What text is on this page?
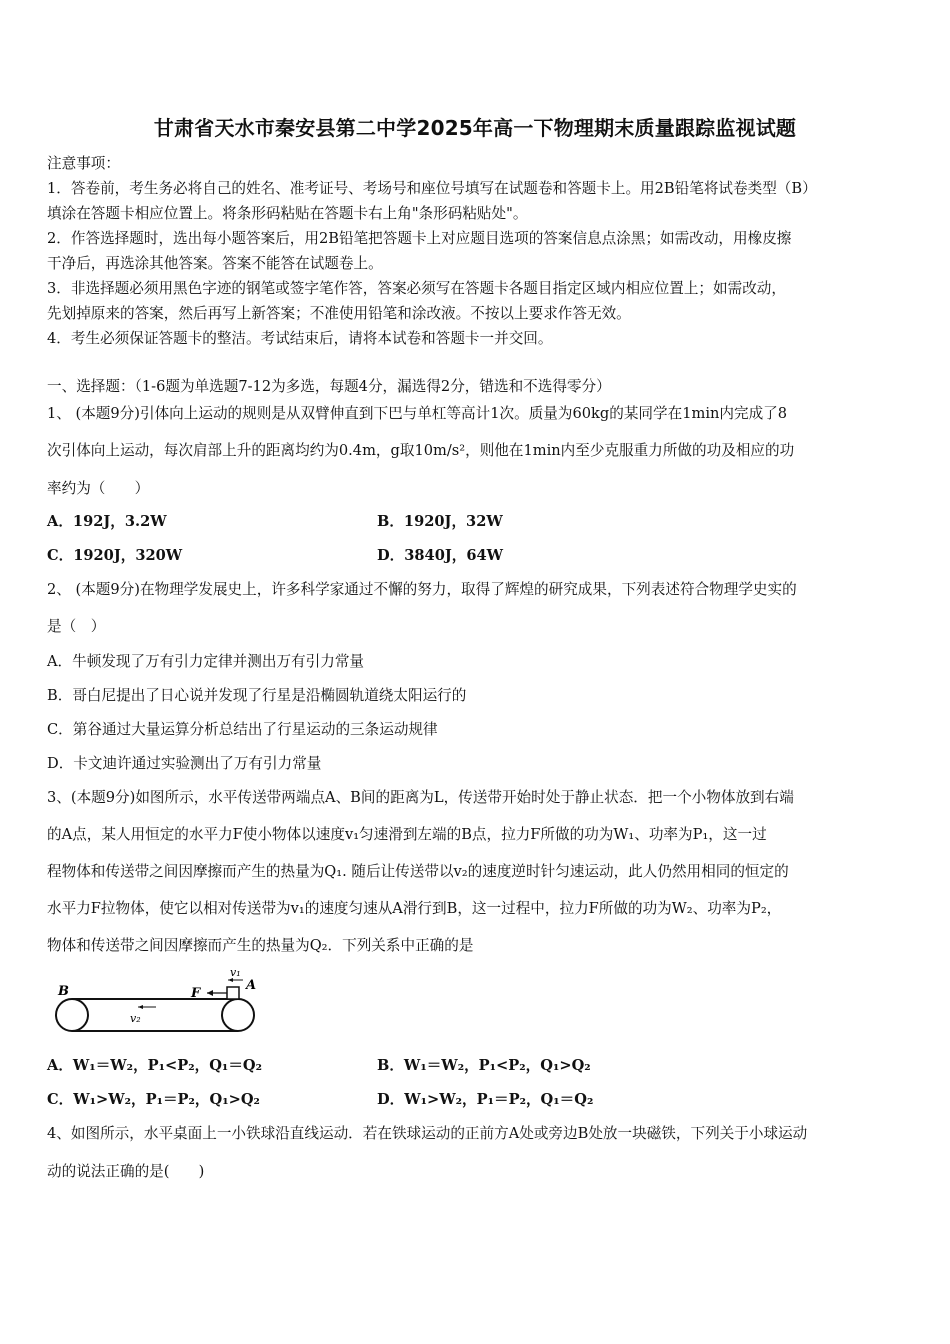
甘肃省天水市秦安县第二中学2025年高一下物理期末质量跟踪监视试题
注意事项：
1．答卷前，考生务必将自己的姓名、准考证号、考场号和座位号填写在试题卷和答题卡上。用2B铅笔将试卷类型（B）
填涂在答题卡相应位置上。将条形码粘贴在答题卡右上角"条形码粘贴处"。
2．作答选择题时，选出每小题答案后，用2B铅笔把答题卡上对应题目选项的答案信息点涂黑；如需改动，用橡皮擦
干净后，再选涂其他答案。答案不能答在试题卷上。
3．非选择题必须用黑色字迹的钢笔或签字笔作答，答案必须写在答题卡各题目指定区域内相应位置上；如需改动，
先划掉原来的答案，然后再写上新答案；不准使用铅笔和涂改液。不按以上要求作答无效。
4．考生必须保证答题卡的整洁。考试结束后，请将本试卷和答题卡一并交回。
一、选择题：（1-6题为单选题7-12为多选，每题4分，漏选得2分，错选和不选得零分）
1、 (本题9分)引体向上运动的规则是从双臂伸直到下巴与单杠等高计1次。质量为60kg的某同学在1min内完成了8
次引体向上运动，每次肩部上升的距离均约为0.4m，g取10m/s²，则他在1min内至少克服重力所做的功及相应的功
率约为（　　）
A．192J，3.2W	B．1920J，32W
C．1920J，320W	D．3840J，64W
2、 (本题9分)在物理学发展史上，许多科学家通过不懈的努力，取得了辉煌的研究成果，下列表述符合物理学史实的
是（　）
A．牛顿发现了万有引力定律并测出万有引力常量
B．哥白尼提出了日心说并发现了行星是沿椭圆轨道绕太阳运行的
C．第谷通过大量运算分析总结出了行星运动的三条运动规律
D．卡文迪许通过实验测出了万有引力常量
3、(本题9分)如图所示，水平传送带两端点A、B间的距离为L，传送带开始时处于静止状态．把一个小物体放到右端
的A点，某人用恒定的水平力F使小物体以速度v₁匀速滑到左端的B点，拉力F所做的功为W₁、功率为P₁，这一过
程物体和传送带之间因摩擦而产生的热量为Q₁. 随后让传送带以v₂的速度逆时针匀速运动，此人仍然用相同的恒定的
水平力F拉物体，使它以相对传送带为v₁的速度匀速从A滑行到B，这一过程中，拉力F所做的功为W₂、功率为P₂，
物体和传送带之间因摩擦而产生的热量为Q₂．下列关系中正确的是
B	F
A
v₁
v₂
A．W₁＝W₂，P₁<P₂，Q₁＝Q₂	B．W₁＝W₂，P₁<P₂，Q₁>Q₂
C．W₁>W₂，P₁＝P₂，Q₁>Q₂	D．W₁>W₂，P₁＝P₂，Q₁＝Q₂
4、如图所示，水平桌面上一小铁球沿直线运动．若在铁球运动的正前方A处或旁边B处放一块磁铁，下列关于小球运动
动的说法正确的是(　　)
